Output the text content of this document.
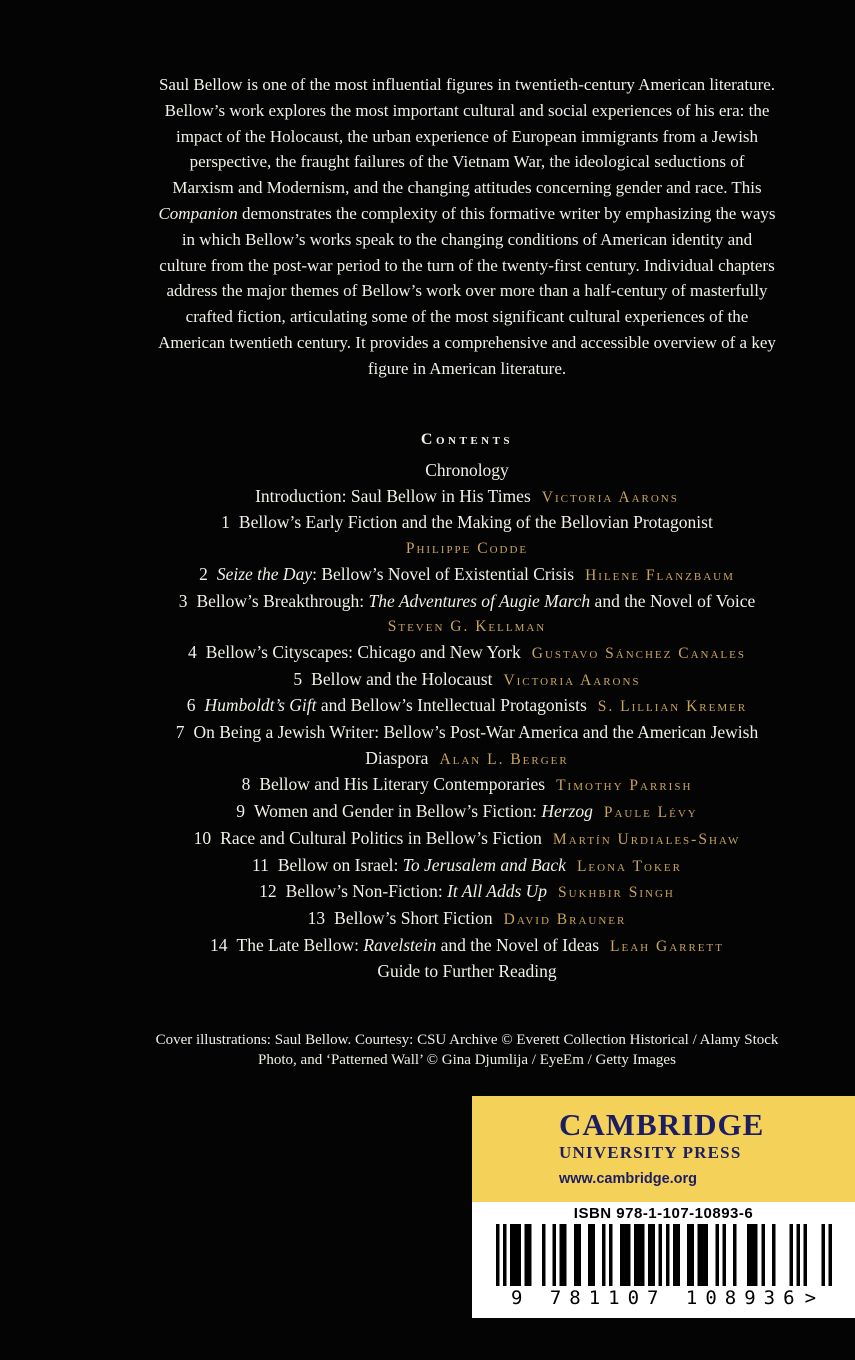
Saul Bellow is one of the most influential figures in twentieth-century American literature. Bellow’s work explores the most important cultural and social experiences of his era: the impact of the Holocaust, the urban experience of European immigrants from a Jewish perspective, the fraught failures of the Vietnam War, the ideological seductions of Marxism and Modernism, and the changing attitudes concerning gender and race. This Companion demonstrates the complexity of this formative writer by emphasizing the ways in which Bellow’s works speak to the changing conditions of American identity and culture from the post-war period to the turn of the twenty-first century. Individual chapters address the major themes of Bellow’s work over more than a half-century of masterfully crafted fiction, articulating some of the most significant cultural experiences of the American twentieth century. It provides a comprehensive and accessible overview of a key figure in American literature.

Contents
Chronology
Introduction: Saul Bellow in His Times Victoria Aarons
1 Bellow’s Early Fiction and the Making of the Bellovian Protagonist
Philippe Codde
2 Seize the Day: Bellow’s Novel of Existential Crisis Hilene Flanzbaum
3 Bellow’s Breakthrough: The Adventures of Augie March and the Novel of Voice
Steven G. Kellman
4 Bellow’s Cityscapes: Chicago and New York Gustavo Sánchez Canales
5 Bellow and the Holocaust Victoria Aarons
6 Humboldt’s Gift and Bellow’s Intellectual Protagonists S. Lillian Kremer
7 On Being a Jewish Writer: Bellow’s Post-War America and the American Jewish Diaspora Alan L. Berger
8 Bellow and His Literary Contemporaries Timothy Parrish
9 Women and Gender in Bellow’s Fiction: Herzog Paule Lévy
10 Race and Cultural Politics in Bellow’s Fiction Martín Urdiales-Shaw
11 Bellow on Israel: To Jerusalem and Back Leona Toker
12 Bellow’s Non-Fiction: It All Adds Up Sukhbir Singh
13 Bellow’s Short Fiction David Brauner
14 The Late Bellow: Ravelstein and the Novel of Ideas Leah Garrett
Guide to Further Reading

Cover illustrations: Saul Bellow. Courtesy: CSU Archive © Everett Collection Historical / Alamy Stock Photo, and ‘Patterned Wall’ © Gina Djumlija / EyeEm / Getty Images

CAMBRIDGE
UNIVERSITY PRESS
www.cambridge.org
ISBN 978-1-107-10893-6
9 781107 108936 >
